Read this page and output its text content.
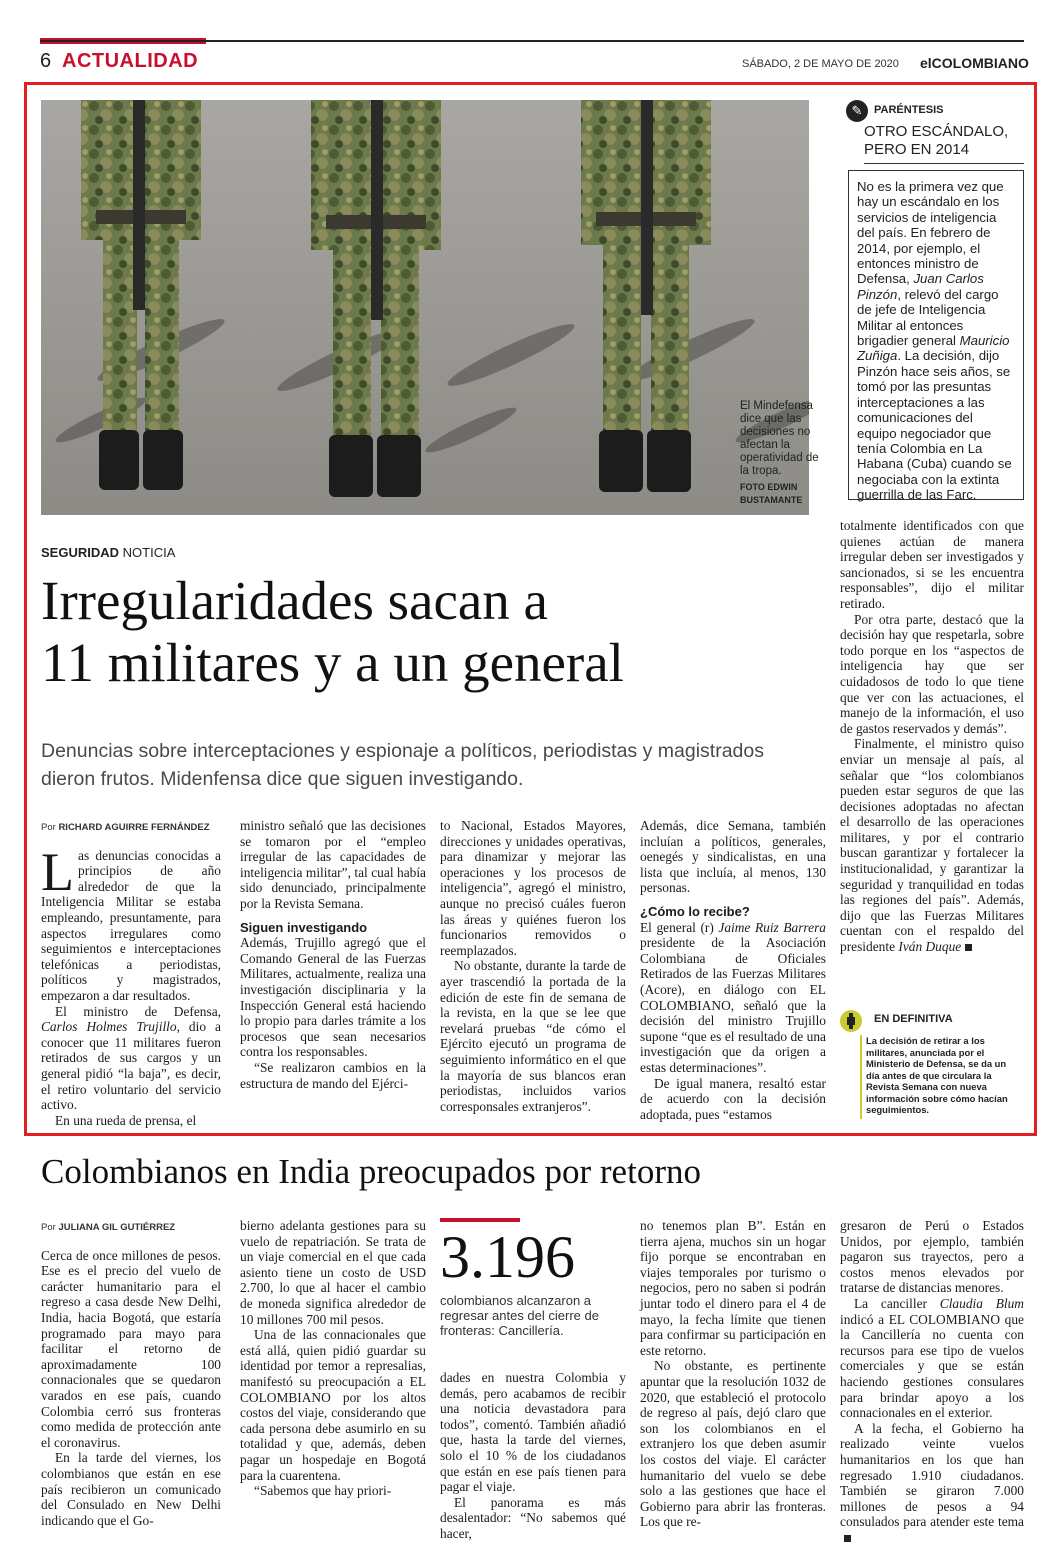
6 ACTUALIDAD	SÁBADO, 2 DE MAYO DE 2020 elCOLOMBIANO
El Mindefensa dice que las decisiones no afectan la operatividad de la tropa.
FOTO EDWIN BUSTAMANTE
✎	PARÉNTESIS
OTRO ESCÁNDALO, PERO EN 2014
No es la primera vez que hay un escándalo en los servicios de inteligencia del país. En febrero de 2014, por ejemplo, el entonces ministro de Defensa, Juan Carlos Pinzón, relevó del cargo de jefe de Inteligencia Militar al entonces brigadier general Mauricio Zuñiga. La decisión, dijo Pinzón hace seis años, se tomó por las presuntas interceptaciones a las comunicaciones del equipo negociador que tenía Colombia en La Habana (Cuba) cuando se negociaba con la extinta guerrilla de las Farc.
SEGURIDAD NOTICIA
Irregularidades sacan a
11 militares y a un general
Denuncias sobre interceptaciones y espionaje a políticos, periodistas y magistrados dieron frutos. Midenfensa dice que siguen investigando.
Por RICHARD AGUIRRE FERNÁNDEZ

Las denuncias conocidas a principios de año alrededor de que la Inteligencia Militar se estaba empleando, presuntamente, para aspectos irregulares como seguimientos e interceptaciones telefónicas a periodistas, políticos y magistrados, empezaron a dar resultados.

El ministro de Defensa, Carlos Holmes Trujillo, dio a conocer que 11 militares fueron retirados de sus cargos y un general pidió “la baja”, es decir, el retiro voluntario del servicio activo.

En una rueda de prensa, el

ministro señaló que las decisiones se tomaron por el “empleo irregular de las capacidades de inteligencia militar”, tal cual había sido denunciado, principalmente por la Revista Semana.

Siguen investigando

Además, Trujillo agregó que el Comando General de las Fuerzas Militares, actualmente, realiza una investigación disciplinaria y la Inspección General está haciendo lo propio para darles trámite a los procesos que sean necesarios contra los responsables.

“Se realizaron cambios en la estructura de mando del Ejérci-

to Nacional, Estados Mayores, direcciones y unidades operativas, para dinamizar y mejorar las operaciones y los procesos de inteligencia”, agregó el ministro, aunque no precisó cuáles fueron las áreas y quiénes fueron los funcionarios removidos o reemplazados.

No obstante, durante la tarde de ayer trascendió la portada de la edición de este fin de semana de la revista, en la que se lee que revelará pruebas “de cómo el Ejército ejecutó un programa de seguimiento informático en el que la mayoría de sus blancos eran periodistas, incluidos varios corresponsales extranjeros”.

Además, dice Semana, también incluían a políticos, generales, oenegés y sindicalistas, en una lista que incluía, al menos, 130 personas.

¿Cómo lo recibe?

El general (r) Jaime Ruiz Barrera presidente de la Asociación Colombiana de Oficiales Retirados de las Fuerzas Militares (Acore), en diálogo con EL COLOMBIANO, señaló que la decisión del ministro Trujillo supone “que es el resultado de una investigación que da origen a estas determinaciones”.

De igual manera, resaltó estar de acuerdo con la decisión adoptada, pues “estamos

totalmente identificados con que quienes actúan de manera irregular deben ser investigados y sancionados, si se les encuentra responsables”, dijo el militar retirado.

Por otra parte, destacó que la decisión hay que respetarla, sobre todo porque en los “aspectos de inteligencia hay que ser cuidadosos de todo lo que tiene que ver con las actuaciones, el manejo de la información, el uso de gastos reservados y demás”.

Finalmente, el ministro quiso enviar un mensaje al país, al señalar que “los colombianos pueden estar seguros de que las decisiones adoptadas no afectan el desarrollo de las operaciones militares, y por el contrario buscan garantizar y fortalecer la institucionalidad, y garantizar la seguridad y tranquilidad en todas las regiones del país”. Además, dijo que las Fuerzas Militares cuentan con el respaldo del presidente Iván Duque

EN DEFINITIVA
La decisión de retirar a los militares, anunciada por el Ministerio de Defensa, se da un día antes de que circulara la Revista Semana con nueva información sobre cómo hacían seguimientos.
Colombianos en India preocupados por retorno
Por JULIANA GIL GUTIÉRREZ

Cerca de once millones de pesos. Ese es el precio del vuelo de carácter humanitario para el regreso a casa desde New Delhi, India, hacia Bogotá, que estaría programado para mayo para facilitar el retorno de aproximadamente 100 connacionales que se quedaron varados en ese país, cuando Colombia cerró sus fronteras como medida de protección ante el coronavirus.

En la tarde del viernes, los colombianos que están en ese país recibieron un comunicado del Consulado en New Delhi indicando que el Go-

bierno adelanta gestiones para su vuelo de repatriación. Se trata de un viaje comercial en el que cada asiento tiene un costo de USD 2.700, lo que al hacer el cambio de moneda significa alrededor de 10 millones 700 mil pesos.

Una de las connacionales que está allá, quien pidió guardar su identidad por temor a represalias, manifestó su preocupación a EL COLOMBIANO por los altos costos del viaje, considerando que cada persona debe asumirlo en su totalidad y que, además, deben pagar un hospedaje en Bogotá para la cuarentena.

“Sabemos que hay priori-

3.196
colombianos alcanzaron a regresar antes del cierre de fronteras: Cancillería.

dades en nuestra Colombia y demás, pero acabamos de recibir una noticia devastadora para todos”, comentó. También añadió que, hasta la tarde del viernes, solo el 10 % de los ciudadanos que están en ese país tienen para pagar el viaje.

El panorama es más desalentador: “No sabemos qué hacer,

no tenemos plan B”. Están en tierra ajena, muchos sin un hogar fijo porque se encontraban en viajes temporales por turismo o negocios, pero no saben si podrán juntar todo el dinero para el 4 de mayo, la fecha límite que tienen para confirmar su participación en este retorno.

No obstante, es pertinente apuntar que la resolución 1032 de 2020, que estableció el protocolo de regreso al país, dejó claro que son los colombianos en el extranjero los que deben asumir los costos del viaje. El carácter humanitario del vuelo se debe solo a las gestiones que hace el Gobierno para abrir las fronteras. Los que re-

gresaron de Perú o Estados Unidos, por ejemplo, también pagaron sus trayectos, pero a costos menos elevados por tratarse de distancias menores.

La canciller Claudia Blum indicó a EL COLOMBIANO que la Cancillería no cuenta con recursos para ese tipo de vuelos comerciales y que se están haciendo gestiones consulares para brindar apoyo a los connacionales en el exterior.

A la fecha, el Gobierno ha realizado veinte vuelos humanitarios en los que han regresado 1.910 ciudadanos. También se giraron 7.000 millones de pesos a 94 consulados para atender este tema
